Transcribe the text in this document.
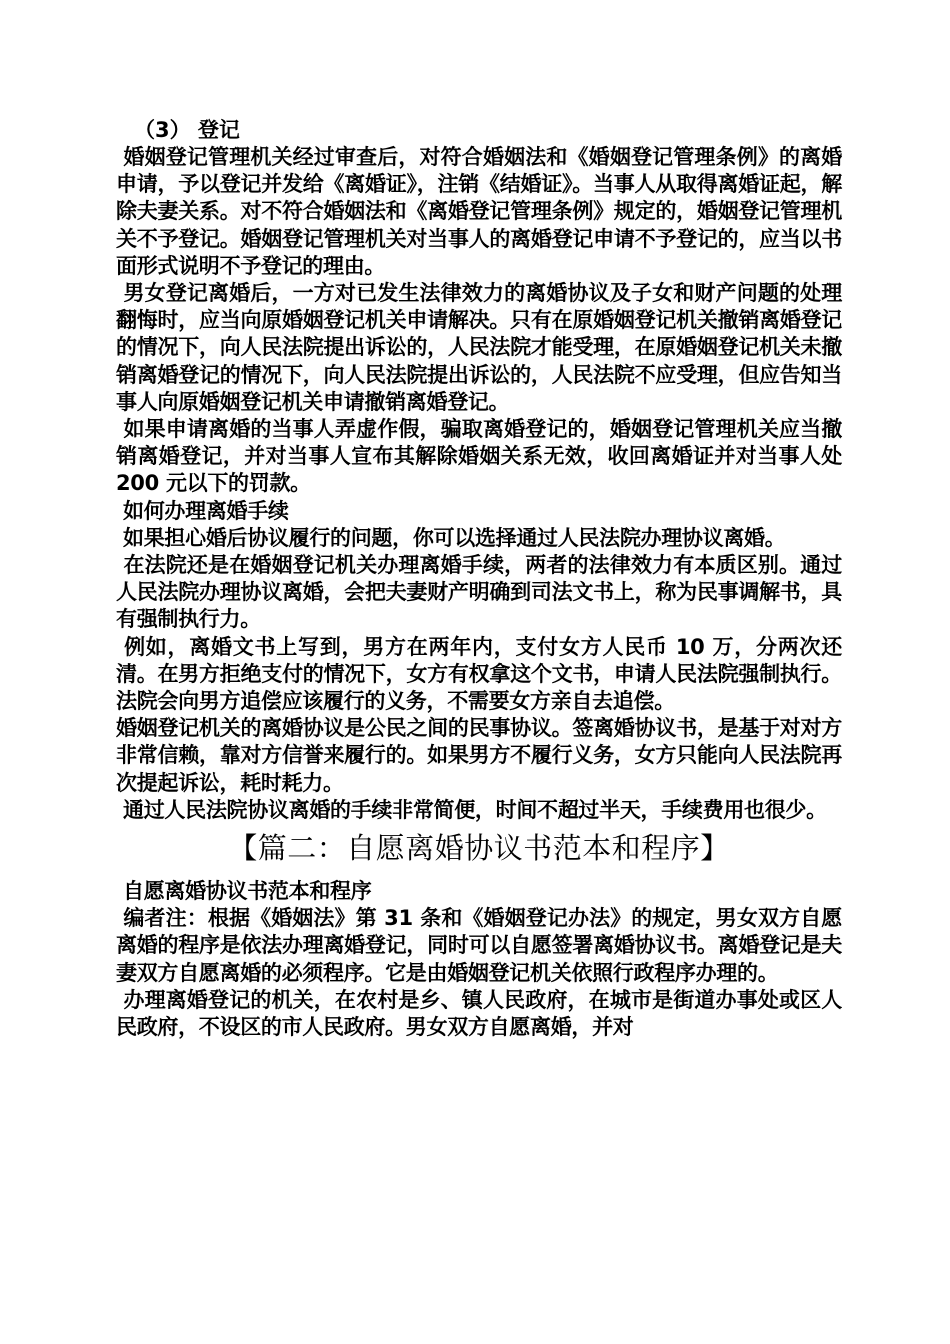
（3） 登记

婚姻登记管理机关经过审查后，对符合婚姻法和《婚姻登记管理条例》的离婚申请，予以登记并发给《离婚证》，注销《结婚证》。当事人从取得离婚证起，解除夫妻关系。对不符合婚姻法和《离婚登记管理条例》规定的，婚姻登记管理机关不予登记。婚姻登记管理机关对当事人的离婚登记申请不予登记的，应当以书面形式说明不予登记的理由。

男女登记离婚后，一方对已发生法律效力的离婚协议及子女和财产问题的处理翻悔时，应当向原婚姻登记机关申请解决。只有在原婚姻登记机关撤销离婚登记的情况下，向人民法院提出诉讼的，人民法院才能受理，在原婚姻登记机关未撤销离婚登记的情况下，向人民法院提出诉讼的，人民法院不应受理，但应告知当事人向原婚姻登记机关申请撤销离婚登记。

如果申请离婚的当事人弄虚作假，骗取离婚登记的，婚姻登记管理机关应当撤销离婚登记，并对当事人宣布其解除婚姻关系无效，收回离婚证并对当事人处 200 元以下的罚款。

如何办理离婚手续

如果担心婚后协议履行的问题，你可以选择通过人民法院办理协议离婚。

在法院还是在婚姻登记机关办理离婚手续，两者的法律效力有本质区别。通过人民法院办理协议离婚，会把夫妻财产明确到司法文书上，称为民事调解书，具有强制执行力。

例如，离婚文书上写到，男方在两年内，支付女方人民币 10 万，分两次还清。在男方拒绝支付的情况下，女方有权拿这个文书，申请人民法院强制执行。法院会向男方追偿应该履行的义务，不需要女方亲自去追偿。

婚姻登记机关的离婚协议是公民之间的民事协议。签离婚协议书，是基于对对方非常信赖，靠对方信誉来履行的。如果男方不履行义务，女方只能向人民法院再次提起诉讼，耗时耗力。

通过人民法院协议离婚的手续非常简便，时间不超过半天，手续费用也很少。

【篇二：自愿离婚协议书范本和程序】

自愿离婚协议书范本和程序

编者注：根据《婚姻法》第 31 条和《婚姻登记办法》的规定，男女双方自愿离婚的程序是依法办理离婚登记，同时可以自愿签署离婚协议书。离婚登记是夫妻双方自愿离婚的必须程序。它是由婚姻登记机关依照行政程序办理的。

办理离婚登记的机关，在农村是乡、镇人民政府，在城市是街道办事处或区人民政府，不设区的市人民政府。男女双方自愿离婚，并对
